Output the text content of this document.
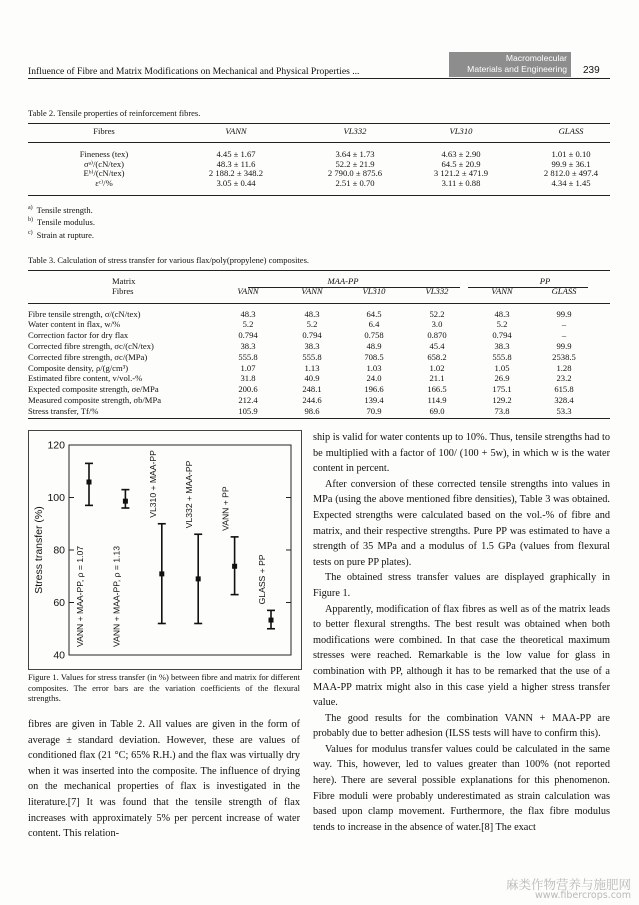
Influence of Fibre and Matrix Modifications on Mechanical and Physical Properties ...
Macromolecular
Materials and Engineering	239
Table 2. Tensile properties of reinforcement fibres.
Fibres	VANN	VL332	VL310	GLASS
Fineness (tex)	4.45 ± 1.67	3.64 ± 1.73	4.63 ± 2.90	1.01 ± 0.10
σᵃ⁾/(cN/tex)	48.3 ± 11.6	52.2 ± 21.9	64.5 ± 20.9	99.9 ± 36.1
Eᵇ⁾/(cN/tex)	2 188.2 ± 348.2	2 790.0 ± 875.6	3 121.2 ± 471.9	2 812.0 ± 497.4
εᶜ⁾/%	3.05 ± 0.44	2.51 ± 0.70	3.11 ± 0.88	4.34 ± 1.45
$^{a)}$ Tensile strength.
$^{b)}$ Tensile modulus.
$^{c)}$ Strain at rupture.
Table 3. Calculation of stress transfer for various flax/poly(propylene) composites.
Matrix	MAA-PP				PP	
Fibres	VANN	VANN	VL310	VL332	VANN	GLASS
Fibre tensile strength, σ/(cN/tex)	48.3	48.3	64.5	52.2	48.3	99.9
Water content in flax, w/%	5.2	5.2	6.4	3.0	5.2	–
Correction factor for dry flax	0.794	0.794	0.758	0.870	0.794	–
Corrected fibre strength, σc/(cN/tex)	38.3	38.3	48.9	45.4	38.3	99.9
Corrected fibre strength, σc/(MPa)	555.8	555.8	708.5	658.2	555.8	2538.5
Composite density, ρ/(g/cm³)	1.07	1.13	1.03	1.02	1.05	1.28
Estimated fibre content, v/vol.-%	31.8	40.9	24.0	21.1	26.9	23.2
Expected composite strength, σe/MPa	200.6	248.1	196.6	166.5	175.1	615.8
Measured composite strength, σb/MPa	212.4	244.6	139.4	114.9	129.2	328.4
Stress transfer, Tf/%	105.9	98.6	70.9	69.0	73.8	53.3
40
60
80
100
120
Stress transfer (%)	VANN + MAA-PP, ρ = 1.07	VANN + MAA-PP, ρ = 1.13
VL310 + MAA-PP	VL332 + MAA-PP	VANN + PP
GLASS + PP
Figure 1. Values for stress transfer (in %) between fibre and matrix for different composites. The error bars are the variation coefficients of the flexural strengths.

fibres are given in Table 2. All values are given in the form of average ± standard deviation. However, these are values of conditioned flax (21 °C; 65% R.H.) and the flax was virtually dry when it was inserted into the composite. The influence of drying on the mechanical properties of flax is investigated in the literature.[7] It was found that the tensile strength of flax increases with approximately 5% per percent increase of water content. This relation-

ship is valid for water contents up to 10%. Thus, tensile strengths had to be multiplied with a factor of 100/ (100 + 5w), in which w is the water content in percent.

After conversion of these corrected tensile strengths into values in MPa (using the above mentioned fibre densities), Table 3 was obtained. Expected strengths were calculated based on the vol.-% of fibre and matrix, and their respective strengths. Pure PP was estimated to have a strength of 35 MPa and a modulus of 1.5 GPa (values from flexural tests on pure PP plates).

The obtained stress transfer values are displayed graphically in Figure 1.

Apparently, modification of flax fibres as well as of the matrix leads to better flexural strengths. The best result was obtained when both modifications were combined. In that case the theoretical maximum stresses were reached. Remarkable is the low value for glass in combination with PP, although it has to be remarked that the use of a MAA-PP matrix might also in this case yield a higher stress transfer value.

The good results for the combination VANN + MAA-PP are probably due to better adhesion (ILSS tests will have to confirm this).

Values for modulus transfer values could be calculated in the same way. This, however, led to values greater than 100% (not reported here). There are several possible explanations for this phenomenon. Fibre moduli were probably underestimated as strain calculation was based upon clamp movement. Furthermore, the flax fibre modulus tends to increase in the absence of water.[8] The exact

麻类作物营养与施肥网
www.fibercrops.com
